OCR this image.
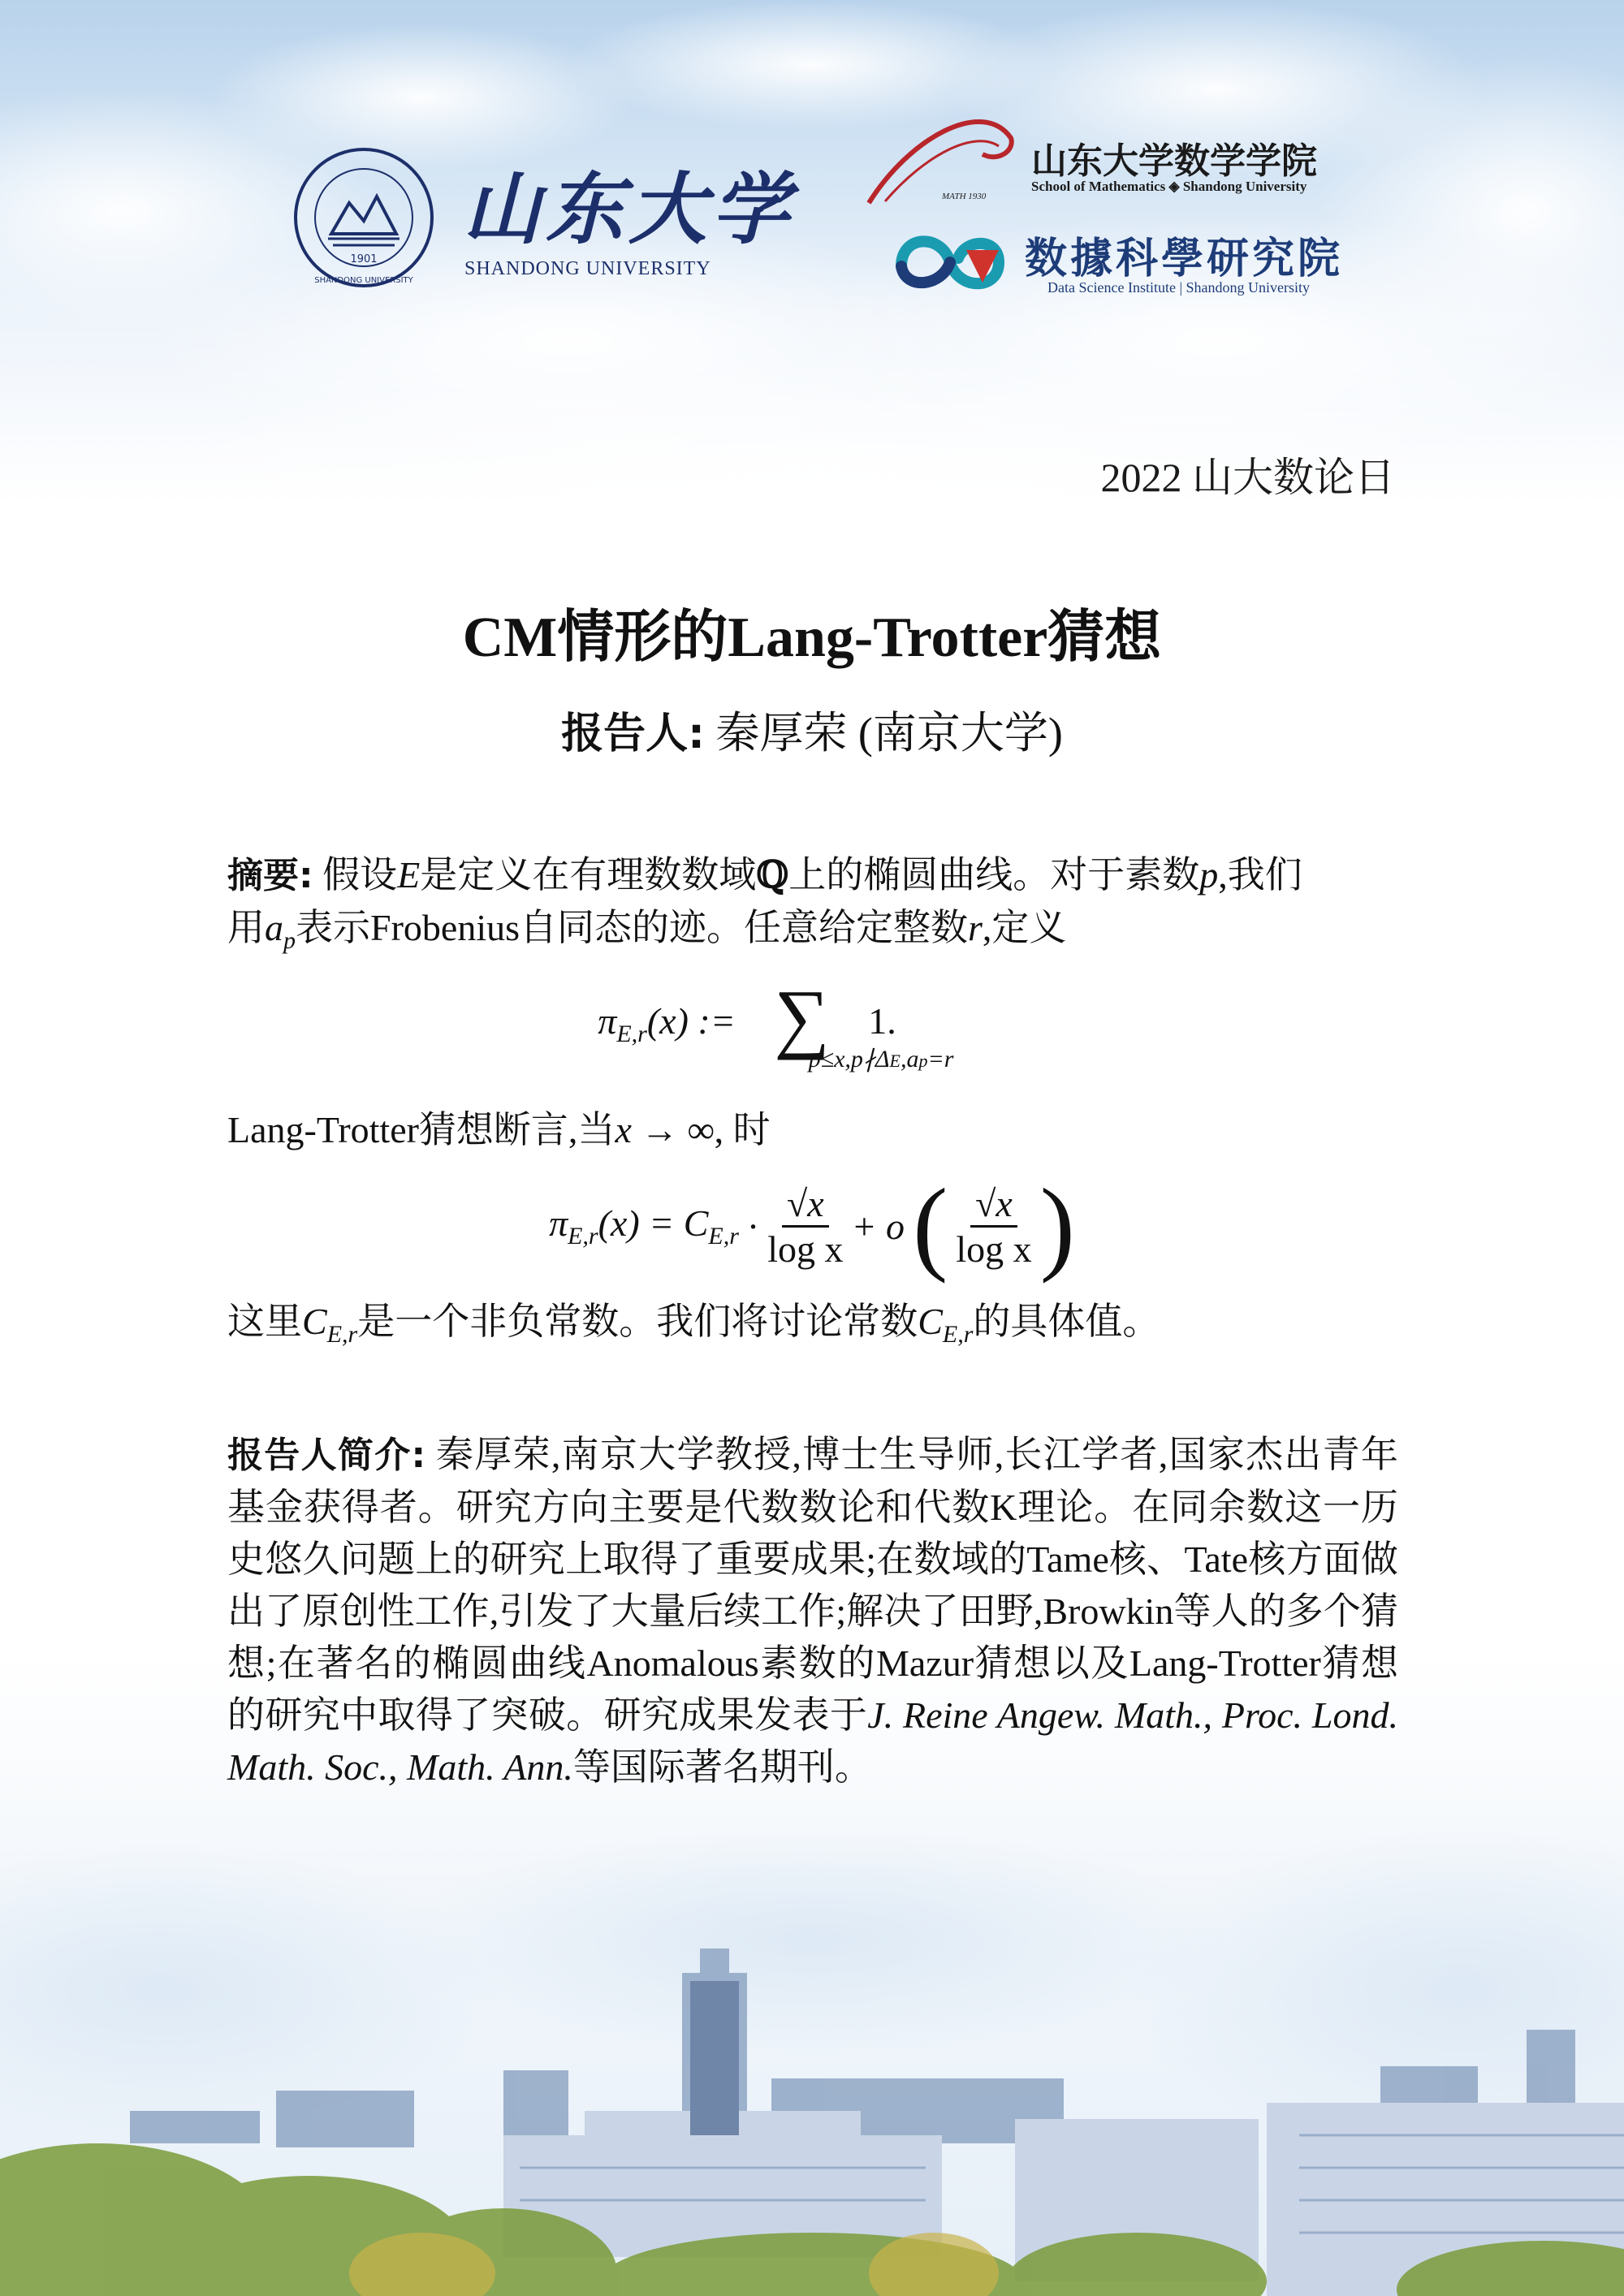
1901
SHANDONG UNIVERSITY
山东大学
SHANDONG UNIVERSITY
MATH 1930
山东大学数学学院
School of Mathematics ◈ Shandong University
数據科學研究院
Data Science Institute | Shandong University
2022 山大数论日
CM情形的Lang-Trotter猜想
报告人: 秦厚荣 (南京大学)
摘要: 假设E是定义在有理数数域ℚ上的椭圆曲线。对于素数p,我们
用$a_p$表示Frobenius自同态的迹。任意给定整数r,定义
$\pi_{E,r}(x)$ := ∑ 1.
p≤x,p∤ΔE,ap=r
Lang-Trotter猜想断言,当x → ∞, 时
$\pi_{E,r}(x) = C_{E,r}$ ·
√x
log x
+ o ( √x
log x )
这里$C_{E,r}$是一个非负常数。我们将讨论常数$C_{E,r}$的具体值。
报告人简介: 秦厚荣,南京大学教授,博士生导师,长江学者,国家杰出青年基金获得者。研究方向主要是代数数论和代数K理论。在同余数这一历史悠久问题上的研究上取得了重要成果;在数域的Tame核、Tate核方面做出了原创性工作,引发了大量后续工作;解决了田野,Browkin等人的多个猜想;在著名的椭圆曲线Anomalous素数的Mazur猜想以及Lang-Trotter猜想的研究中取得了突破。研究成果发表于J. Reine Angew. Math., Proc. Lond. Math. Soc., Math. Ann.等国际著名期刊。
